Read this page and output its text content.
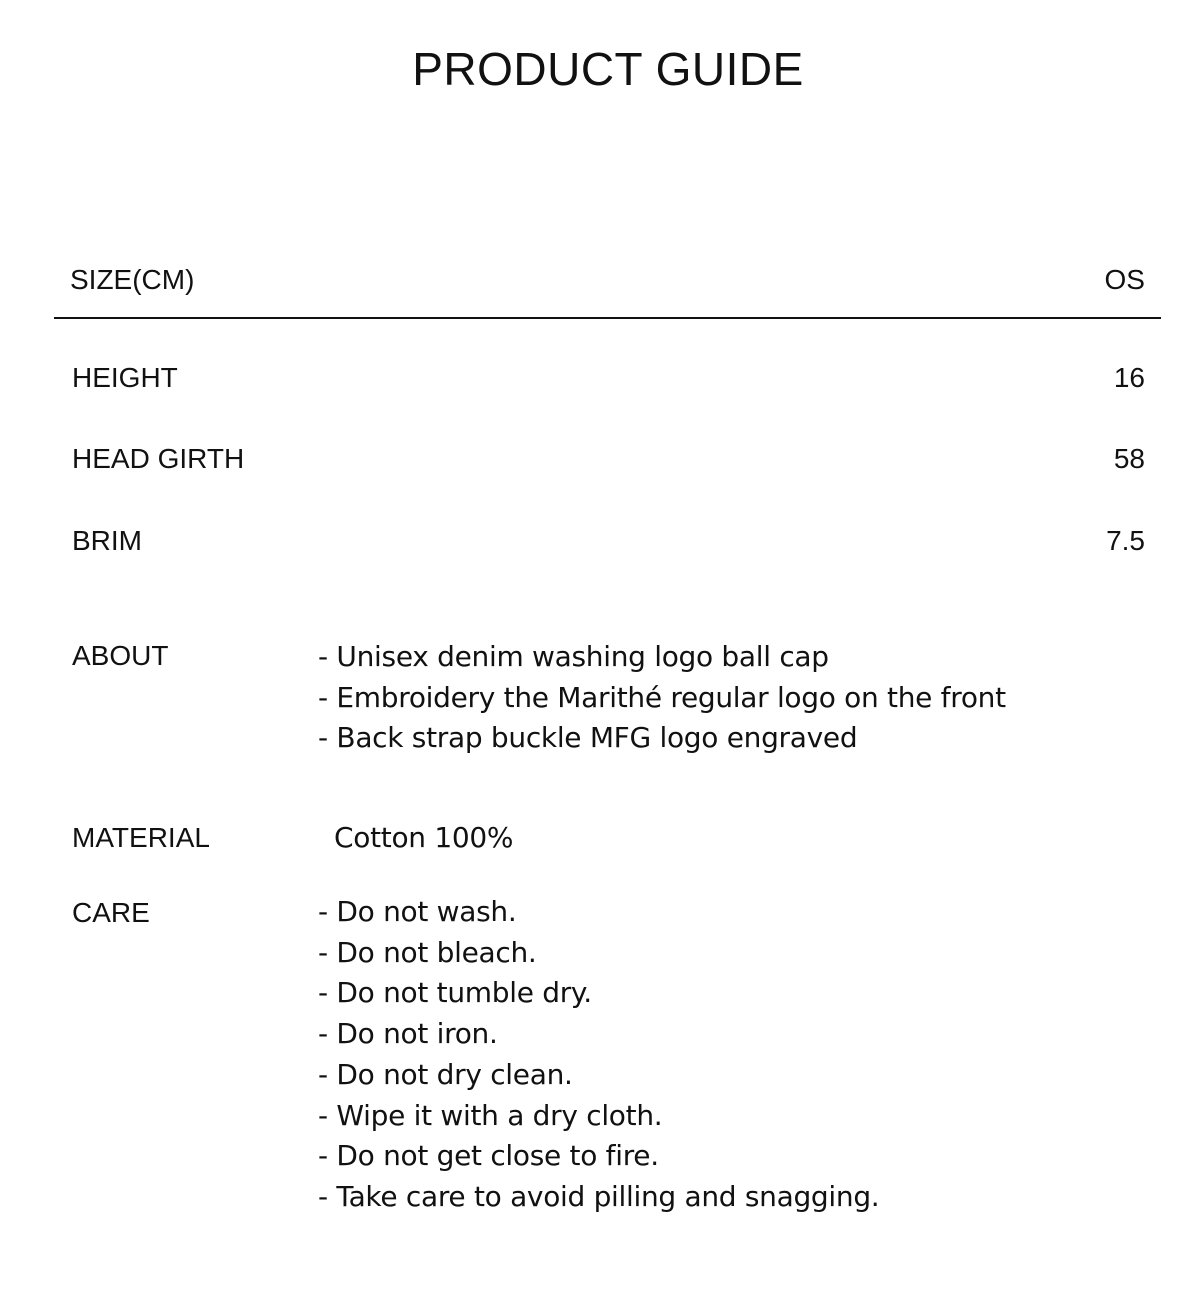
PRODUCT GUIDE
SIZE(CM)	OS
HEIGHT	16
HEAD GIRTH	58
BRIM	7.5
ABOUT	- Unisex denim washing logo ball cap
- Embroidery the Marithé regular logo on the front
- Back strap buckle MFG logo engraved
MATERIAL	Cotton 100%
CARE	- Do not wash.
- Do not bleach.
- Do not tumble dry.
- Do not iron.
- Do not dry clean.
- Wipe it with a dry cloth.
- Do not get close to fire.
- Take care to avoid pilling and snagging.
